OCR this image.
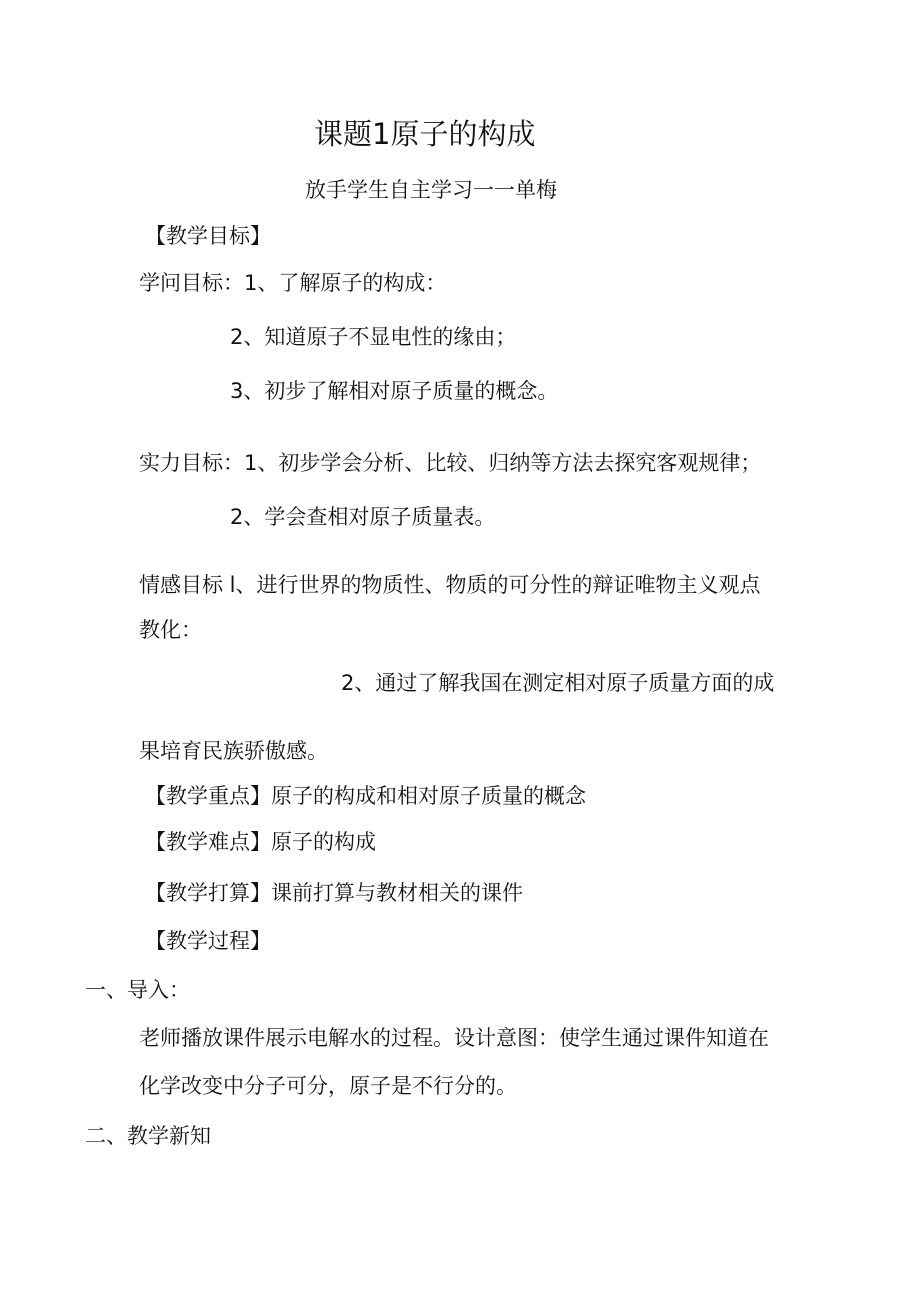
课题1原子的构成
放手学生自主学习一一单梅
【教学目标】
学问目标：1、了解原子的构成：
2、知道原子不显电性的缘由；
3、初步了解相对原子质量的概念。
实力目标：1、初步学会分析、比较、归纳等方法去探究客观规律；
2、学会查相对原子质量表。
情感目标 l、进行世界的物质性、物质的可分性的辩证唯物主义观点
教化：
2、通过了解我国在测定相对原子质量方面的成
果培育民族骄傲感。
【教学重点】原子的构成和相对原子质量的概念
【教学难点】原子的构成
【教学打算】课前打算与教材相关的课件
【教学过程】
一、导入：
老师播放课件展示电解水的过程。设计意图：使学生通过课件知道在
化学改变中分子可分，原子是不行分的。
二、教学新知
